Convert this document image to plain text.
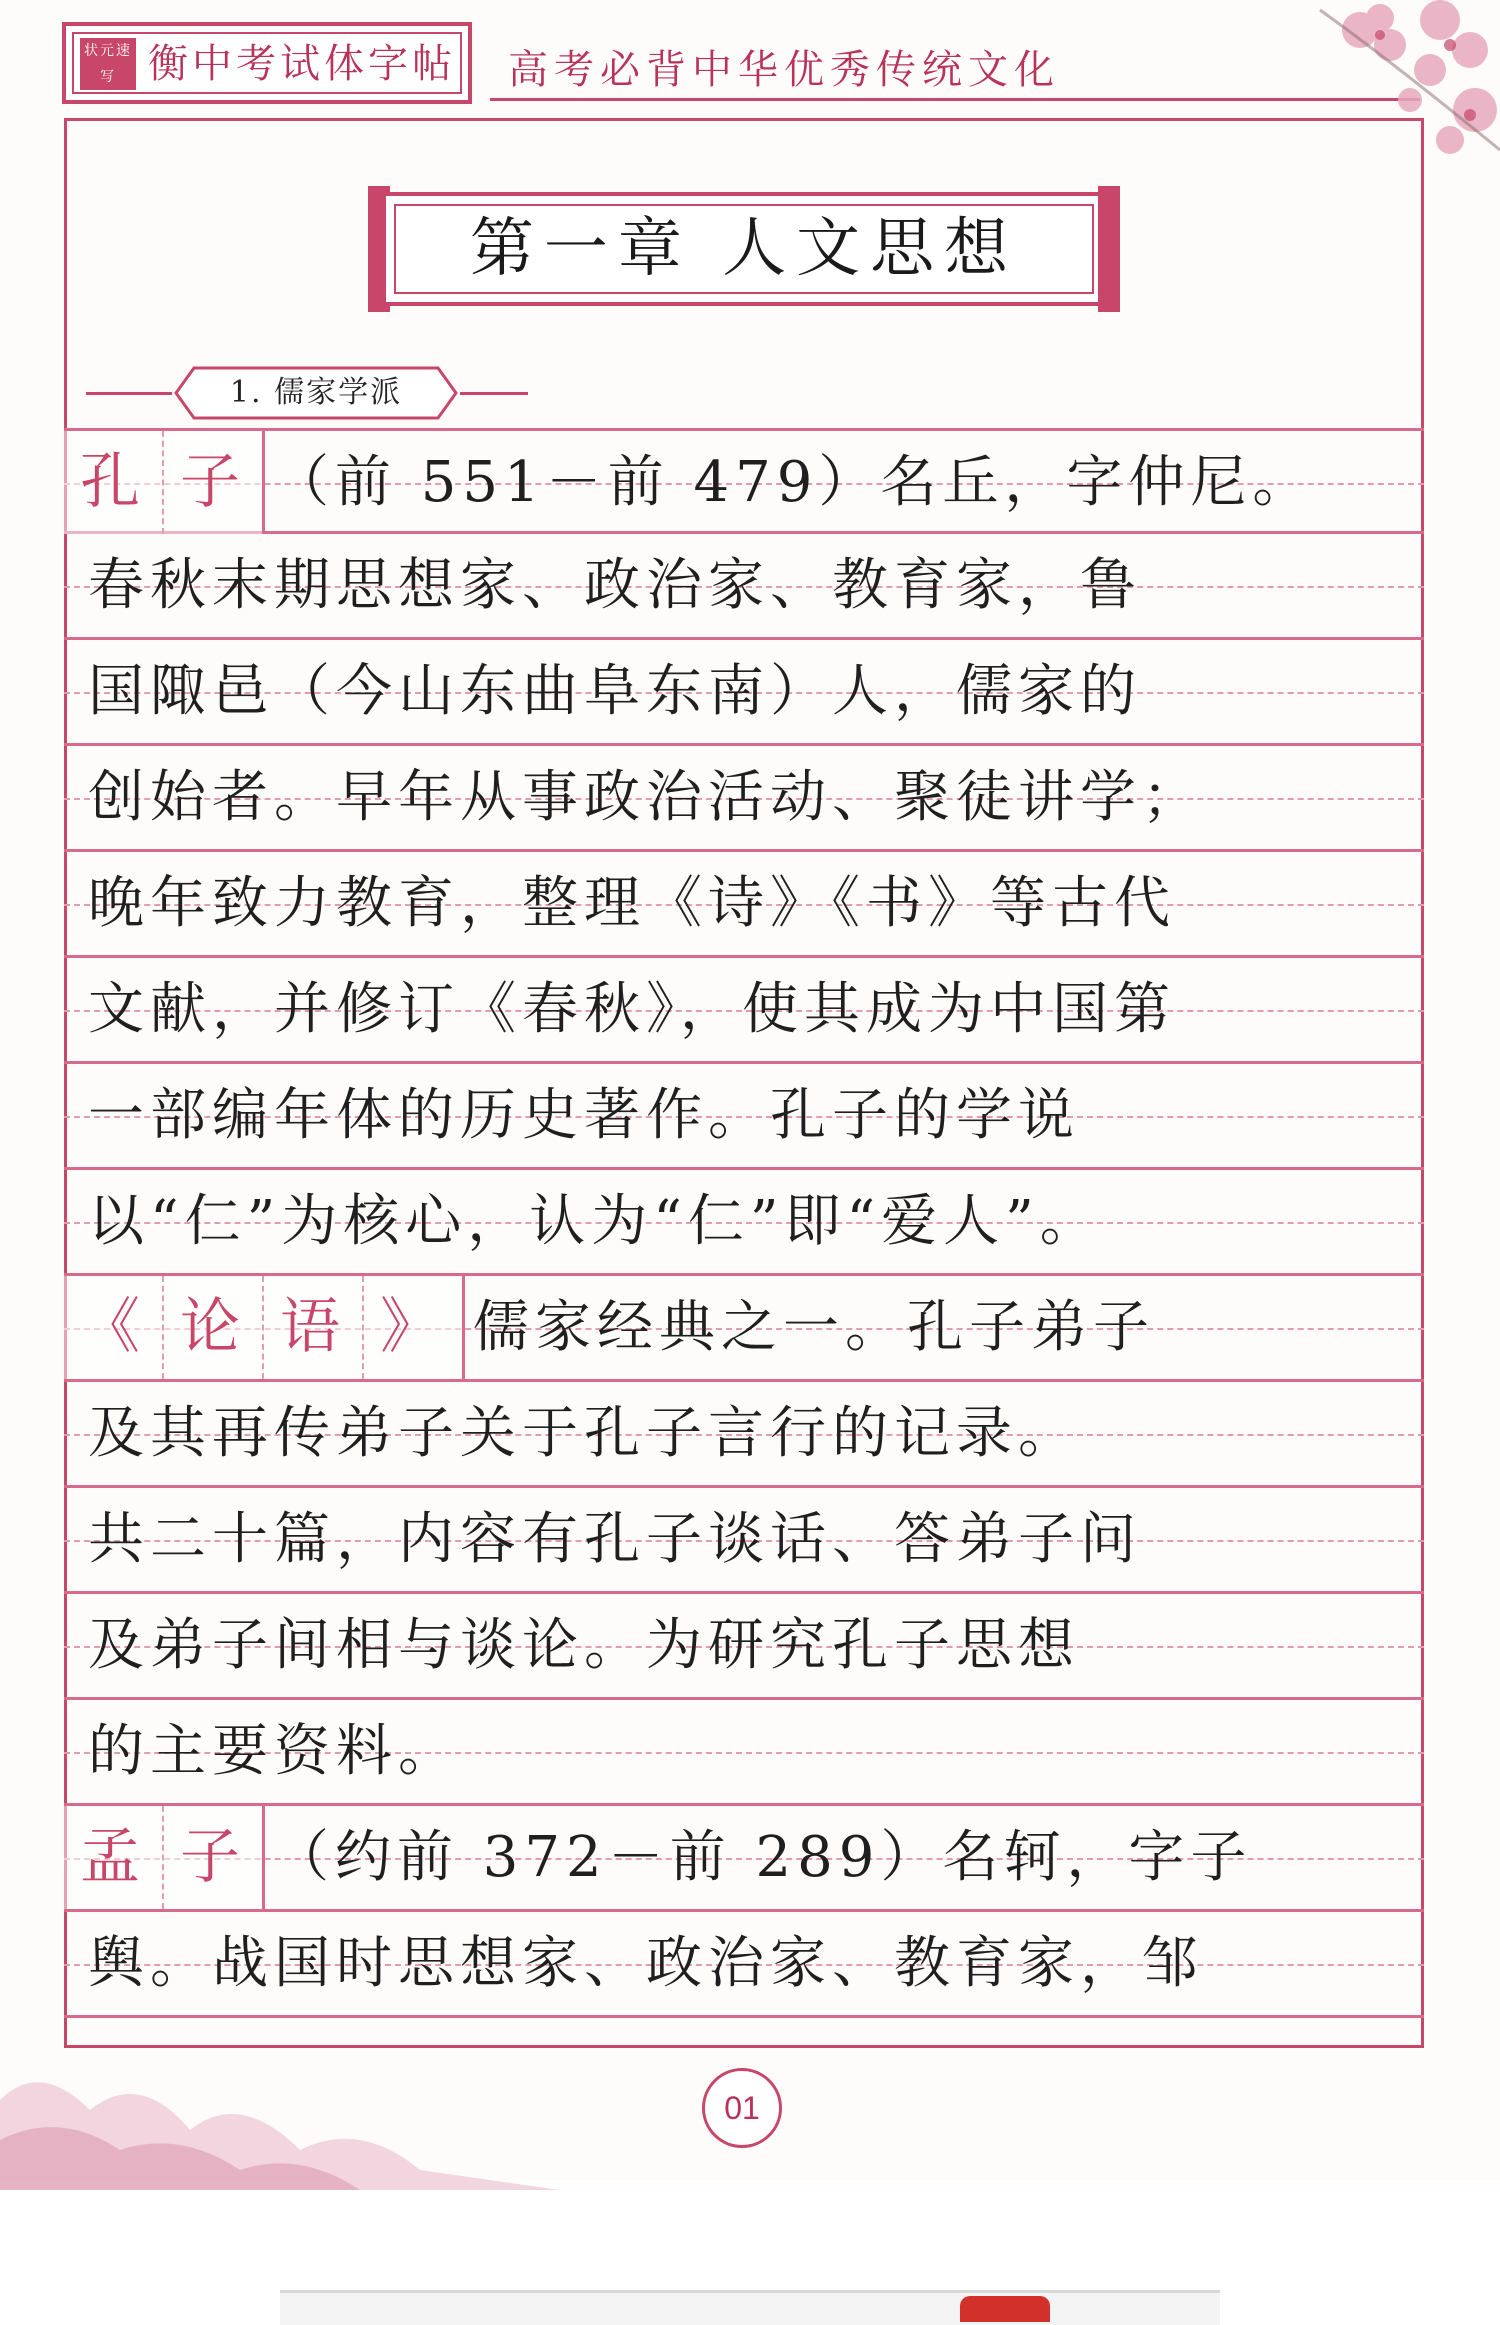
状元速写 衡中考试体字帖 高考必背中华优秀传统文化
第一章 人文思想
1. 儒家学派
孔 子 （前 551－前 479）名丘，字仲尼。
春秋末期思想家、政治家、教育家，鲁
国陬邑（今山东曲阜东南）人，儒家的
创始者。早年从事政治活动、聚徒讲学；
晚年致力教育，整理《诗》《书》等古代
文献，并修订《春秋》，使其成为中国第
一部编年体的历史著作。孔子的学说
以“仁”为核心，认为“仁”即“爱人”。
《 论 语 》 儒家经典之一。孔子弟子
及其再传弟子关于孔子言行的记录。
共二十篇，内容有孔子谈话、答弟子问
及弟子间相与谈论。为研究孔子思想
的主要资料。
孟 子 （约前 372－前 289）名轲，字子
舆。战国时思想家、政治家、教育家，邹
01
